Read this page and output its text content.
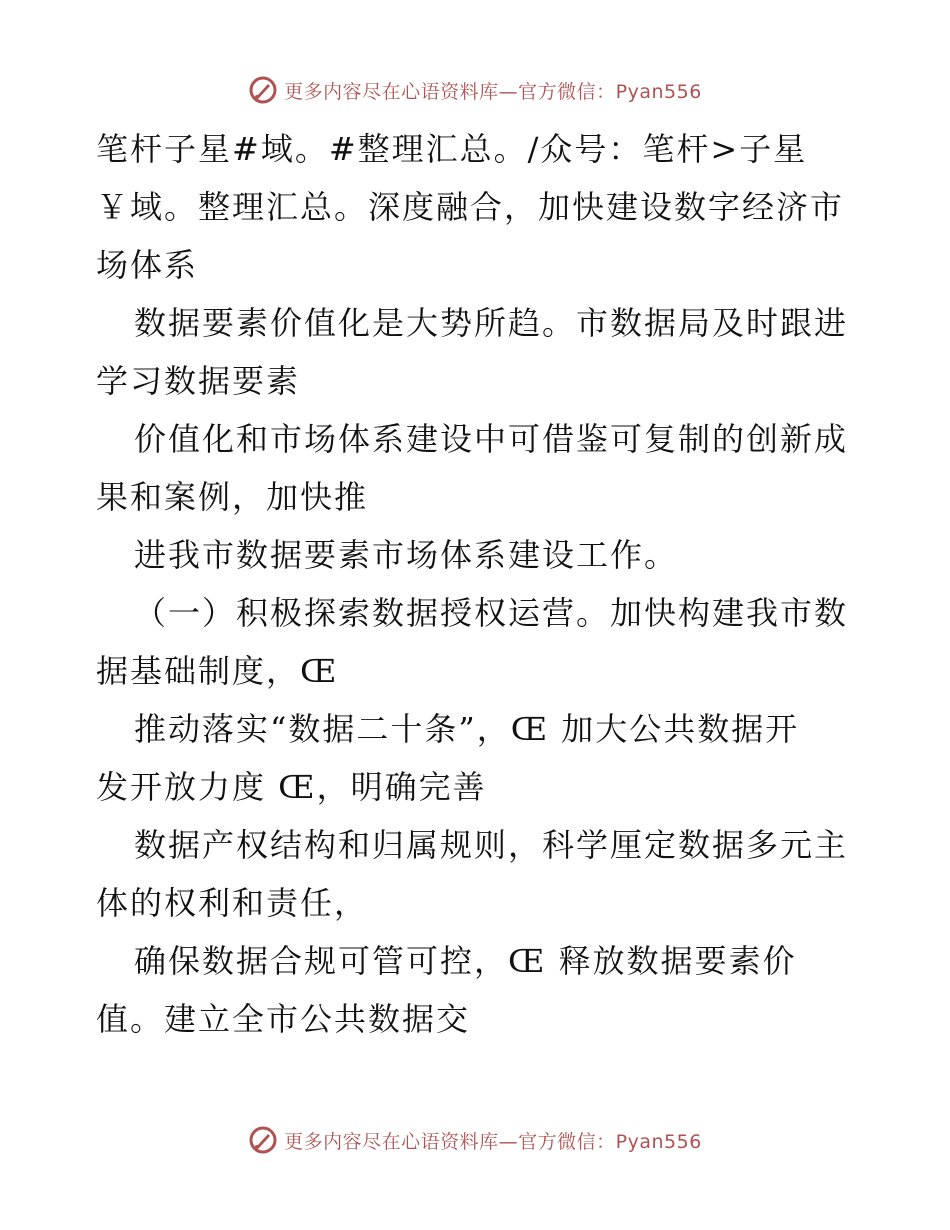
更多内容尽在心语资料库 —官方微信：Pyan556
笔杆子星#域。#整理汇总。/众号：笔杆>子星
￥域。整理汇总。深度融合，加快建设数字经济市
场体系
数据要素价值化是大势所趋。市数据局及时跟进
学习数据要素
价值化和市场体系建设中可借鉴可复制的创新成
果和案例，加快推
进我市数据要素市场体系建设工作。
（一）积极探索数据授权运营。加快构建我市数
据基础制度，Œ
推动落实“数据二十条”，Œ 加大公共数据开
发开放力度 Œ，明确完善
数据产权结构和归属规则，科学厘定数据多元主
体的权利和责任，
确保数据合规可管可控，Œ 释放数据要素价
值。建立全市公共数据交
更多内容尽在心语资料库 —官方微信：Pyan556
